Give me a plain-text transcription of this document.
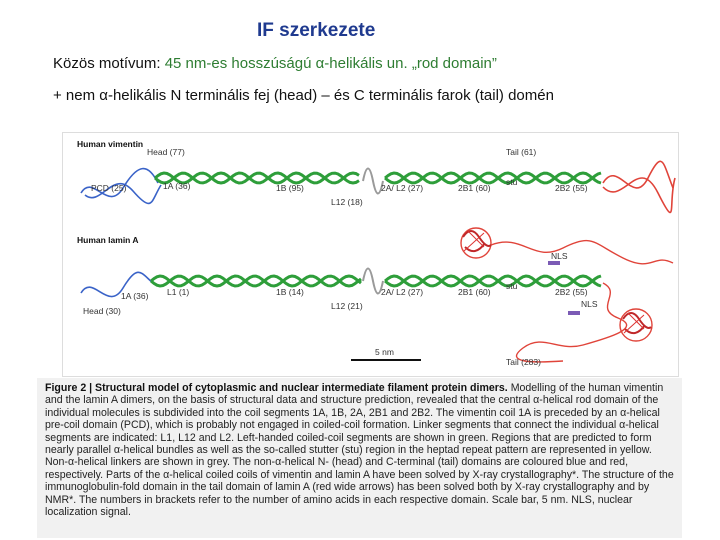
IF szerkezete
Közös motívum: 45 nm-es hosszúságú α-helikális un. „rod domain”
+ nem α-helikális N terminális fej (head) – és C terminális farok (tail) domén
Human vimentin
Head (77)	Tail (61)
PCD (25)	1A (36)	1B (95)	2A/ L2 (27)	2B1 (60)
stu
2B2 (55)
L12 (18)
Human lamin A
NLS
1A (36) L1 (1)	1B (14)	2A/ L2 (27)	2B1 (60)
stu
2B2 (55)
Head (30)	L12 (21)	NLS
5 nm
Tail (283)
Figure 2 | Structural model of cytoplasmic and nuclear intermediate filament protein dimers. Modelling of the human vimentin and the lamin A dimers, on the basis of structural data and structure prediction, revealed that the central α-helical rod domain of the individual molecules is subdivided into the coil segments 1A, 1B, 2A, 2B1 and 2B2. The vimentin coil 1A is preceded by an α-helical pre-coil domain (PCD), which is probably not engaged in coiled-coil formation. Linker segments that connect the individual α-helical segments are indicated: L1, L12 and L2. Left-handed coiled-coil segments are shown in green. Regions that are predicted to form nearly parallel α-helical bundles as well as the so-called stutter (stu) region in the heptad repeat pattern are represented in yellow. Non-α-helical linkers are shown in grey. The non-α-helical N- (head) and C-terminal (tail) domains are coloured blue and red, respectively. Parts of the α-helical coiled coils of vimentin and lamin A have been solved by X-ray crystallography*. The structure of the immunoglobulin-fold domain in the tail domain of lamin A (red wide arrows) has been solved both by X-ray crystallography and by NMR*. The numbers in brackets refer to the number of amino acids in each respective domain. Scale bar, 5 nm. NLS, nuclear localization signal.
